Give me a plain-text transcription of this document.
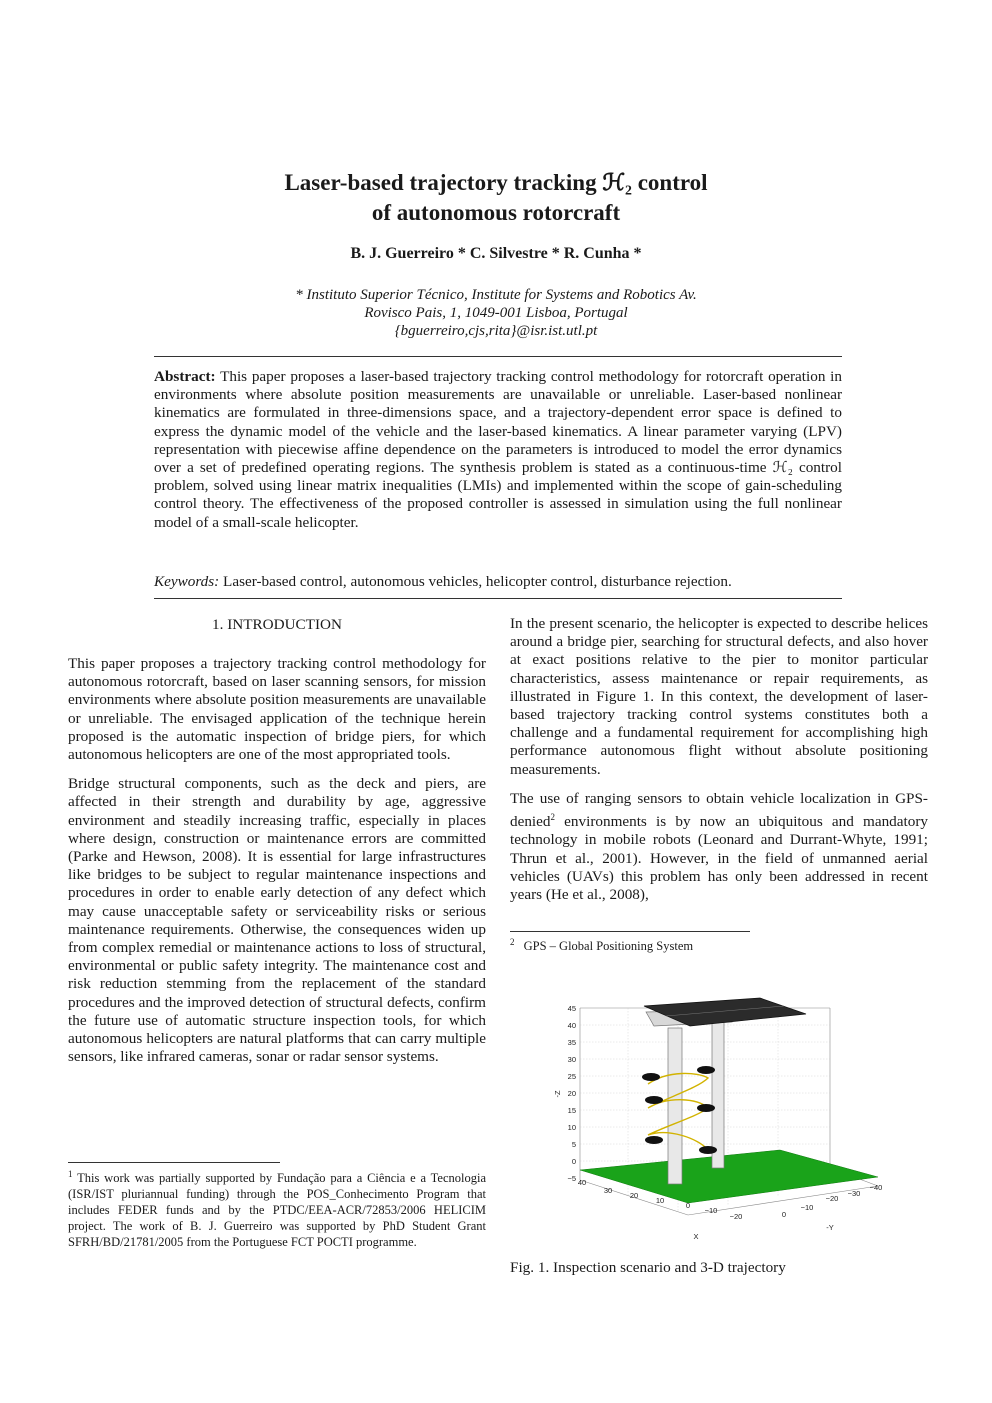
Laser-based trajectory tracking ℋ₂ control
of autonomous rotorcraft
B. J. Guerreiro * C. Silvestre * R. Cunha *
* Instituto Superior Técnico, Institute for Systems and Robotics Av.
Rovisco Pais, 1, 1049-001 Lisboa, Portugal
{bguerreiro,cjs,rita}@isr.ist.utl.pt
Abstract: This paper proposes a laser-based trajectory tracking control methodology for rotorcraft operation in environments where absolute position measurements are unavailable or unreliable. Laser-based nonlinear kinematics are formulated in three-dimensions space, and a trajectory-dependent error space is defined to express the dynamic model of the vehicle and the laser-based kinematics. A linear parameter varying (LPV) representation with piecewise affine dependence on the parameters is introduced to model the error dynamics over a set of predefined operating regions. The synthesis problem is stated as a continuous-time ℋ₂ control problem, solved using linear matrix inequalities (LMIs) and implemented within the scope of gain-scheduling control theory. The effectiveness of the proposed controller is assessed in simulation using the full nonlinear model of a small-scale helicopter.
Keywords: Laser-based control, autonomous vehicles, helicopter control, disturbance rejection.
1. INTRODUCTION

This paper proposes a trajectory tracking control methodology for autonomous rotorcraft, based on laser scanning sensors, for mission environments where absolute position measurements are unavailable or unreliable. The envisaged application of the technique herein proposed is the automatic inspection of bridge piers, for which autonomous helicopters are one of the most appropriated tools.

Bridge structural components, such as the deck and piers, are affected in their strength and durability by age, aggressive environment and steadily increasing traffic, especially in places where design, construction or maintenance errors are committed (Parke and Hewson, 2008). It is essential for large infrastructures like bridges to be subject to regular maintenance inspections and procedures in order to enable early detection of any defect which may cause unacceptable safety or serviceability risks or serious maintenance requirements. Otherwise, the consequences widen up from complex remedial or maintenance actions to loss of structural, environmental or public safety integrity. The maintenance cost and risk reduction stemming from the replacement of the standard procedures and the improved detection of structural defects, confirm the future use of automatic structure inspection tools, for which autonomous helicopters are natural platforms that can carry multiple sensors, like infrared cameras, sonar or radar sensor systems.

$^1$ This work was partially supported by Fundação para a Ciência e a Tecnologia (ISR/IST pluriannual funding) through the POS_Conhecimento Program that includes FEDER funds and by the PTDC/EEA-ACR/72853/2006 HELICIM project. The work of B. J. Guerreiro was supported by PhD Student Grant SFRH/BD/21781/2005 from the Portuguese FCT POCTI programme.

In the present scenario, the helicopter is expected to describe helices around a bridge pier, searching for structural defects, and also hover at exact positions relative to the pier to monitor particular characteristics, assess maintenance or repair requirements, as illustrated in Figure 1. In this context, the development of laser-based trajectory tracking control systems constitutes both a challenge and a fundamental requirement for accomplishing high performance autonomous flight without absolute positioning measurements.

The use of ranging sensors to obtain vehicle localization in GPS-denied$^2$ environments is by now an ubiquitous and mandatory technology in mobile robots (Leonard and Durrant-Whyte, 1991; Thrun et al., 2001). However, in the field of unmanned aerial vehicles (UAVs) this problem has only been addressed in recent years (He et al., 2008),

$^2$ GPS – Global Positioning System
45
40
35
30
25
20
15
10
5
0
−5
-Z
40
30
20
10
0
−10
−20
X
−40
−30
−20
−10
0
-Y
Fig. 1. Inspection scenario and 3-D trajectory
